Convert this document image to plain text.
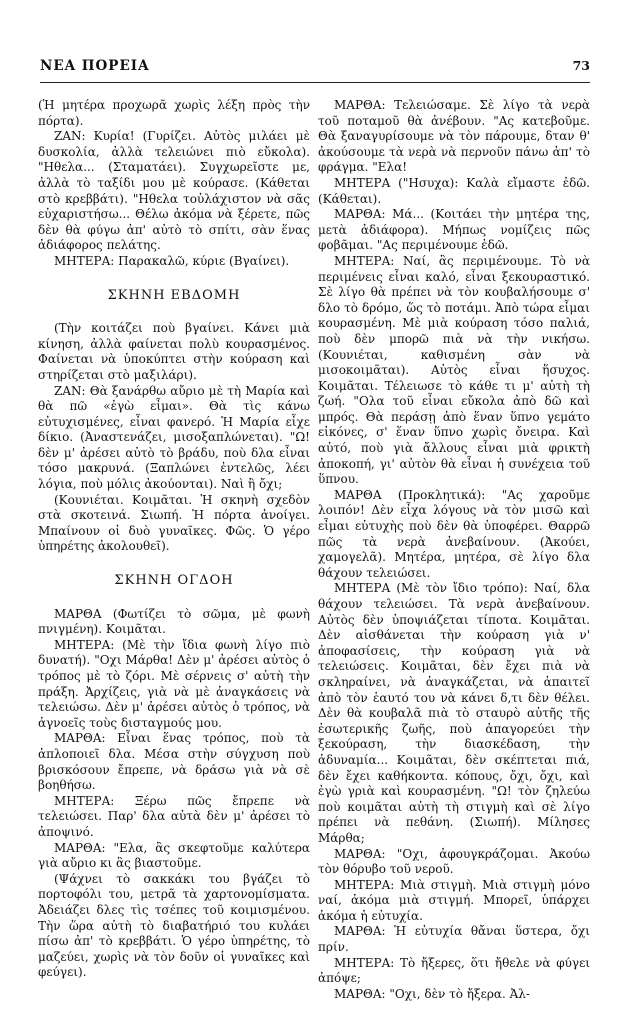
ΝΕΑ ΠΟΡΕΙΑ	73

(Ἡ μητέρα προχωρᾶ χωρὶς λέξη πρὸς τὴν πόρτα).

ΖΑΝ: Κυρία! (Γυρίζει. Αὐτὸς μιλάει μὲ δυσκολία, ἀλλὰ τελειώνει πιὸ εὔκολα). "Ηθελα... (Σταματάει). Συγχωρεῖστε με, ἀλλὰ τὸ ταξίδι μου μὲ κούρασε. (Κάθεται στὸ κρεββάτι). "Ηθελα τοὐλάχιστον νὰ σᾶς εὐχαριστήσω... Θέλω ἀκόμα νὰ ξέρετε, πῶς δὲν θὰ φύγω ἀπ' αὐτὸ τὸ σπίτι, σὰν ἕνας ἀδιάφορος πελάτης.

ΜΗΤΕΡΑ: Παρακαλῶ, κύριε (Βγαίνει).

ΣΚΗΝΗ ΕΒΔΟΜΗ

(Τὴν κοιτάζει ποὺ βγαίνει. Κάνει μιὰ κίνηση, ἀλλὰ φαίνεται πολὺ κουρασμένος. Φαίνεται νὰ ὑποκύπτει στὴν κούραση καὶ στηρίζεται στὸ μαξιλάρι).

ΖΑΝ: Θὰ ξανάρθω αὔριο μὲ τὴ Μαρία καὶ θὰ πῶ «ἐγὼ εἶμαι». Θὰ τὶς κάνω εὐτυχισμένες, εἶναι φανερό. Ἡ Μαρία εἶχε δίκιο. (Ἀναστενάζει, μισοξαπλώνεται). "Ω! δὲν μ' ἀρέσει αὐτὸ τὸ βράδυ, ποὺ δλα εἶναι τόσο μακρυνά. (Ξαπλώνει ἐντελῶς, λέει λόγια, ποὺ μόλις ἀκούονται). Ναὶ ἢ ὄχι;

(Κουνιέται. Κοιμᾶται. Ἡ σκηνὴ σχεδὸν στὰ σκοτεινά. Σιωπή. Ἡ πόρτα ἀνοίγει. Μπαίνουν οἱ δυὸ γυναῖκες. Φῶς. Ὁ γέρο ὑπηρέτης ἀκολουθεῖ).

ΣΚΗΝΗ ΟΓΔΟΗ

ΜΑΡΘΑ (Φωτίζει τὸ σῶμα, μὲ φωνὴ πνιγμένη). Κοιμᾶται.

ΜΗΤΕΡΑ: (Μὲ τὴν ἴδια φωνὴ λίγο πιὸ δυνατή). "Οχι Μάρθα! Δὲν μ' ἀρέσει αὐτὸς ὁ τρόπος μὲ τὸ ζόρι. Μὲ σέρνεις σ' αὐτὴ τὴν πράξη. Ἀρχίζεις, γιὰ νὰ μὲ ἀναγκάσεις νὰ τελειώσω. Δὲν μ' ἀρέσει αὐτὸς ὁ τρόπος, νὰ ἀγνοεῖς τοὺς δισταγμούς μου.

ΜΑΡΘΑ: Εἶναι ἕνας τρόπος, ποὺ τὰ ἁπλοποιεῖ δλα. Μέσα στὴν σύγχυση ποὺ βρισκόσουν ἔπρεπε, νὰ δράσω γιὰ νὰ σὲ βοηθήσω.

ΜΗΤΕΡΑ: Ξέρω πῶς ἔπρεπε νὰ τελειώσει. Παρ' δλα αὐτὰ δὲν μ' ἀρέσει τὸ ἀποψινό.

ΜΑΡΘΑ: "Ελα, ἂς σκεφτοῦμε καλύτερα γιὰ αὔριο κι ἂς βιαστοῦμε.

(Ψάχνει τὸ σακκάκι του βγάζει τὸ πορτοφόλι του, μετρᾶ τὰ χαρτονομίσματα. Ἀδειάζει δλες τὶς τσέπες τοῦ κοιμισμένου. Τὴν ὥρα αὐτὴ τὸ διαβατήριό του κυλάει πίσω ἀπ' τὸ κρεββάτι. Ὁ γέρο ὑπηρέτης, τὸ μαζεύει, χωρὶς νὰ τὸν δοῦν οἱ γυναῖκες καὶ φεύγει).

ΜΑΡΘΑ: Τελειώσαμε. Σὲ λίγο τὰ νερὰ τοῦ ποταμοῦ θὰ ἀνέβουν. "Ας κατεβοῦμε. Θὰ ξαναγυρίσουμε νὰ τὸν πάρουμε, δταν θ' ἀκούσουμε τὰ νερὰ νὰ περνοῦν πάνω ἀπ' τὸ φράγμα. "Ελα!

ΜΗΤΕΡΑ ("Ησυχα): Καλὰ εἴμαστε ἐδῶ. (Κάθεται).

ΜΑΡΘΑ: Μά... (Κοιτάει τὴν μητέρα της, μετὰ ἀδιάφορα). Μήπως νομίζεις πῶς φοβᾶμαι. "Ας περιμένουμε ἐδῶ.

ΜΗΤΕΡΑ: Ναί, ἂς περιμένουμε. Τὸ νὰ περιμένεις εἶναι καλό, εἶναι ξεκουραστικό. Σὲ λίγο θὰ πρέπει νὰ τὸν κουβαλήσουμε σ' δλο τὸ δρόμο, ὥς τὸ ποτάμι. Ἀπὸ τώρα εἶμαι κουρασμένη. Μὲ μιὰ κούραση τόσο παλιά, ποὺ δὲν μπορῶ πιὰ νὰ τὴν νικήσω. (Κουνιέται, καθισμένη σὰν νὰ μισοκοιμᾶται). Αὐτὸς εἶναι ἥσυχος. Κοιμᾶται. Τέλειωσε τὸ κάθε τι μ' αὐτὴ τὴ ζωή. "Ολα τοῦ εἶναι εὔκολα ἀπὸ δῶ καὶ μπρός. Θὰ περάσῃ ἀπὸ ἕναν ὕπνο γεμάτο εἰκόνες, σ' ἕναν ὕπνο χωρὶς ὄνειρα. Καὶ αὐτό, ποὺ γιὰ ἄλλους εἶναι μιὰ φρικτὴ ἀποκοπή, γι' αὐτὸν θὰ εἶναι ἡ συνέχεια τοῦ ὕπνου.

ΜΑΡΘΑ (Προκλητικά): "Ας χαροῦμε λοιπόν! Δὲν εἶχα λόγους νὰ τὸν μισῶ καὶ εἶμαι εὐτυχὴς ποὺ δὲν θὰ ὑποφέρει. Θαρρῶ πῶς τὰ νερὰ ἀνεβαίνουν. (Ἀκούει, χαμογελᾶ). Μητέρα, μητέρα, σὲ λίγο δλα θάχουν τελειώσει.

ΜΗΤΕΡΑ (Μὲ τὸν ἴδιο τρόπο): Ναί, δλα θάχουν τελειώσει. Τὰ νερὰ ἀνεβαίνουν. Αὐτὸς δὲν ὑποψιάζεται τίποτα. Κοιμᾶται. Δὲν αἰσθάνεται τὴν κούραση γιὰ ν' ἀποφασίσεις, τὴν κούραση γιὰ νὰ τελειώσεις. Κοιμᾶται, δὲν ἔχει πιὰ νὰ σκληραίνει, νὰ ἀναγκάζεται, νὰ ἀπαιτεῖ ἀπὸ τὸν ἑαυτό του νὰ κάνει δ,τι δὲν θέλει. Δὲν θὰ κουβαλᾶ πιὰ τὸ σταυρὸ αὐτῆς τῆς ἐσωτερικῆς ζωῆς, ποὺ ἀπαγορεύει τὴν ξεκούραση, τὴν διασκέδαση, τὴν ἀδυναμία... Κοιμᾶται, δὲν σκέπτεται πιά, δὲν ἔχει καθήκοντα. κόπους, ὄχι, ὄχι, καὶ ἐγὼ γριὰ καὶ κουρασμένη. "Ω! τὸν ζηλεύω ποὺ κοιμᾶται αὐτὴ τὴ στιγμὴ καὶ σὲ λίγο πρέπει νὰ πεθάνη. (Σιωπή). Μίλησες Μάρθα;

ΜΑΡΘΑ: "Οχι, ἀφουγκράζομαι. Ἀκούω τὸν θόρυβο τοῦ νεροῦ.

ΜΗΤΕΡΑ: Μιὰ στιγμὴ. Μιὰ στιγμὴ μόνο ναί, ἀκόμα μιὰ στιγμή. Μπορεῖ, ὑπάρχει ἀκόμα ἡ εὐτυχία.

ΜΑΡΘΑ: Ἡ εὐτυχία θἄναι ὕστερα, ὄχι πρίν.

ΜΗΤΕΡΑ: Τὸ ἤξερες, ὅτι ἤθελε νὰ φύγει ἀπόψε;

ΜΑΡΘΑ: "Οχι, δὲν τὸ ἤξερα. Ἀλ-
